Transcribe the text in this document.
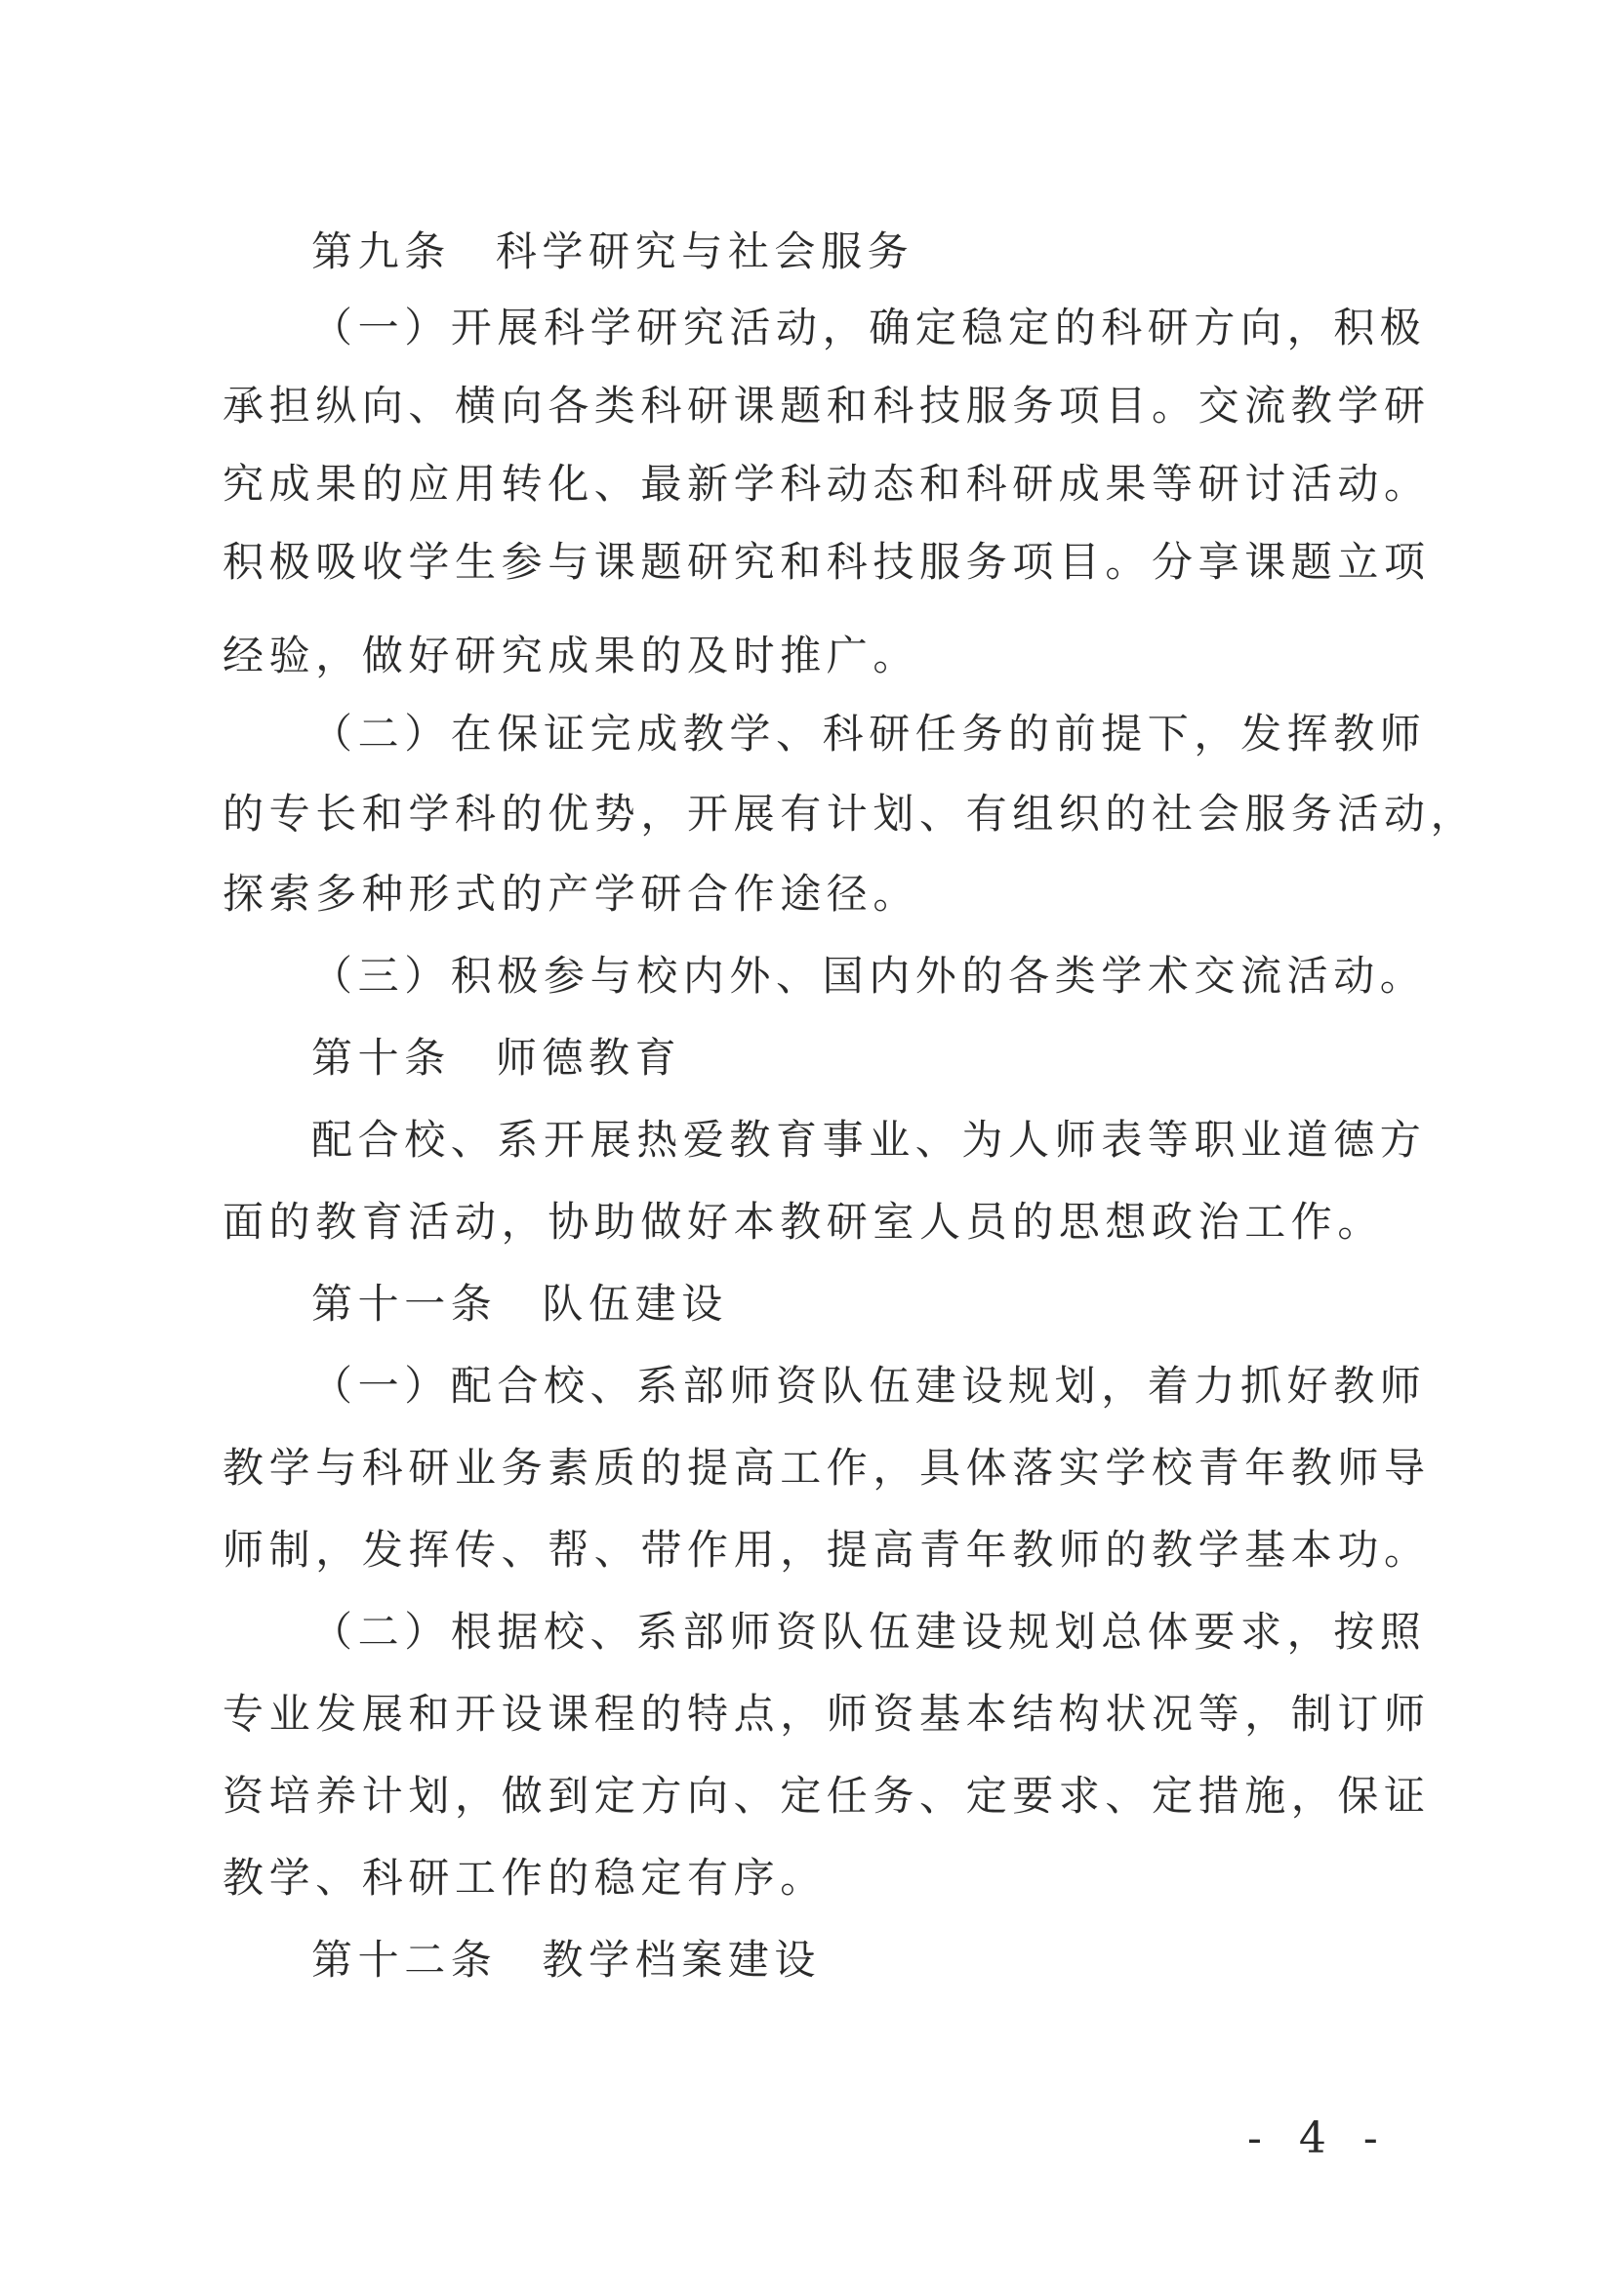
第九条 科学研究与社会服务
（一）开展科学研究活动，确定稳定的科研方向，积极
承担纵向、横向各类科研课题和科技服务项目。交流教学研
究成果的应用转化、最新学科动态和科研成果等研讨活动。
积极吸收学生参与课题研究和科技服务项目。分享课题立项
经验，做好研究成果的及时推广。
（二）在保证完成教学、科研任务的前提下，发挥教师
的专长和学科的优势，开展有计划、有组织的社会服务活动，
探索多种形式的产学研合作途径。
（三）积极参与校内外、国内外的各类学术交流活动。
第十条 师德教育
配合校、系开展热爱教育事业、为人师表等职业道德方
面的教育活动，协助做好本教研室人员的思想政治工作。
第十一条 队伍建设
（一）配合校、系部师资队伍建设规划，着力抓好教师
教学与科研业务素质的提高工作，具体落实学校青年教师导
师制，发挥传、帮、带作用，提高青年教师的教学基本功。
（二）根据校、系部师资队伍建设规划总体要求，按照
专业发展和开设课程的特点，师资基本结构状况等，制订师
资培养计划，做到定方向、定任务、定要求、定措施，保证
教学、科研工作的稳定有序。
第十二条 教学档案建设
- 4 -
